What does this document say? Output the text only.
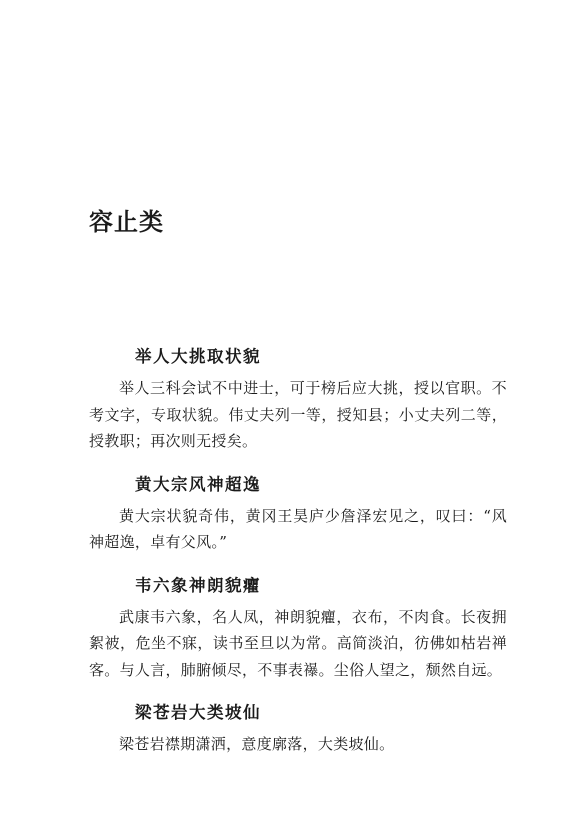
容止类
举人大挑取状貌

举人三科会试不中进士，可于榜后应大挑，授以官职。不考文字，专取状貌。伟丈夫列一等，授知县；小丈夫列二等，授教职；再次则无授矣。

黄大宗风神超逸

黄大宗状貌奇伟，黄冈王昊庐少詹泽宏见之，叹曰：“风神超逸，卓有父风。”

韦六象神朗貌癯

武康韦六象，名人凤，神朗貌癯，衣布，不肉食。长夜拥絮被，危坐不寐，读书至旦以为常。高简淡泊，彷佛如枯岩禅客。与人言，肺腑倾尽，不事表襮。尘俗人望之，颓然自远。

梁苍岩大类坡仙

梁苍岩襟期潇洒，意度廓落，大类坡仙。
